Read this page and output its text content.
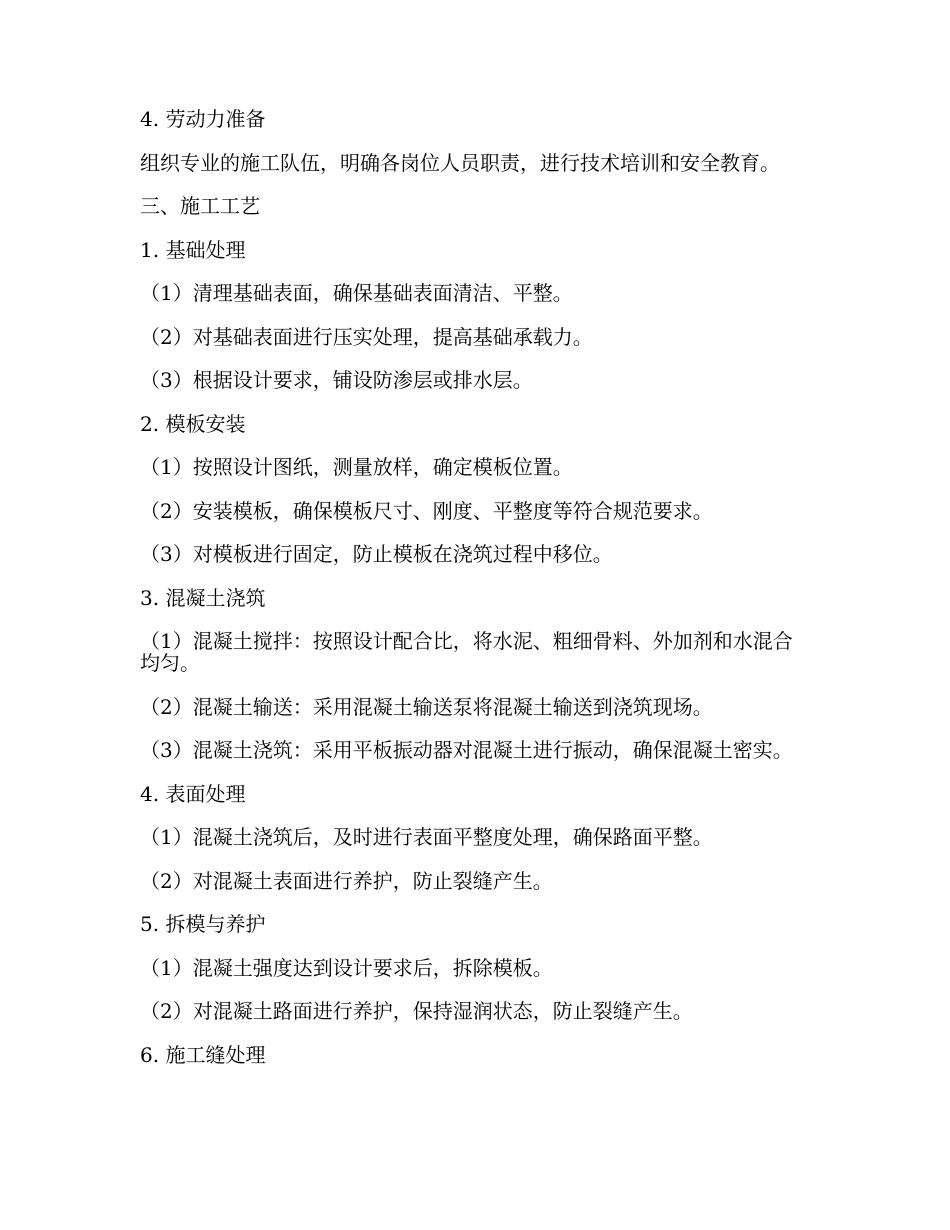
4. 劳动力准备

组织专业的施工队伍，明确各岗位人员职责，进行技术培训和安全教育。

三、施工工艺

1. 基础处理

（1）清理基础表面，确保基础表面清洁、平整。

（2）对基础表面进行压实处理，提高基础承载力。

（3）根据设计要求，铺设防渗层或排水层。

2. 模板安装

（1）按照设计图纸，测量放样，确定模板位置。

（2）安装模板，确保模板尺寸、刚度、平整度等符合规范要求。

（3）对模板进行固定，防止模板在浇筑过程中移位。

3. 混凝土浇筑

（1）混凝土搅拌：按照设计配合比，将水泥、粗细骨料、外加剂和水混合均匀。

（2）混凝土输送：采用混凝土输送泵将混凝土输送到浇筑现场。

（3）混凝土浇筑：采用平板振动器对混凝土进行振动，确保混凝土密实。

4. 表面处理

（1）混凝土浇筑后，及时进行表面平整度处理，确保路面平整。

（2）对混凝土表面进行养护，防止裂缝产生。

5. 拆模与养护

（1）混凝土强度达到设计要求后，拆除模板。

（2）对混凝土路面进行养护，保持湿润状态，防止裂缝产生。

6. 施工缝处理
